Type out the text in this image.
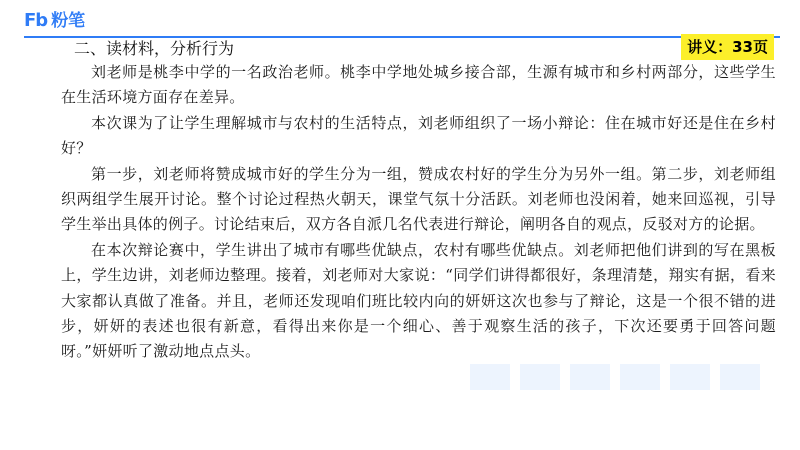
Fb 粉笔
二、读材料，分析行为	讲义：33页

刘老师是桃李中学的一名政治老师。桃李中学地处城乡接合部，生源有城市和乡村两部分，这些学生在生活环境方面存在差异。

本次课为了让学生理解城市与农村的生活特点，刘老师组织了一场小辩论：住在城市好还是住在乡村好？

第一步，刘老师将赞成城市好的学生分为一组，赞成农村好的学生分为另外一组。第二步，刘老师组织两组学生展开讨论。整个讨论过程热火朝天，课堂气氛十分活跃。刘老师也没闲着，她来回巡视，引导学生举出具体的例子。讨论结束后，双方各自派几名代表进行辩论，阐明各自的观点，反驳对方的论据。

在本次辩论赛中，学生讲出了城市有哪些优缺点，农村有哪些优缺点。刘老师把他们讲到的写在黑板上，学生边讲，刘老师边整理。接着，刘老师对大家说：“同学们讲得都很好，条理清楚，翔实有据，看来大家都认真做了准备。并且，老师还发现咱们班比较内向的妍妍这次也参与了辩论，这是一个很不错的进步，妍妍的表述也很有新意，看得出来你是一个细心、善于观察生活的孩子，下次还要勇于回答问题呀。”妍妍听了激动地点点头。
